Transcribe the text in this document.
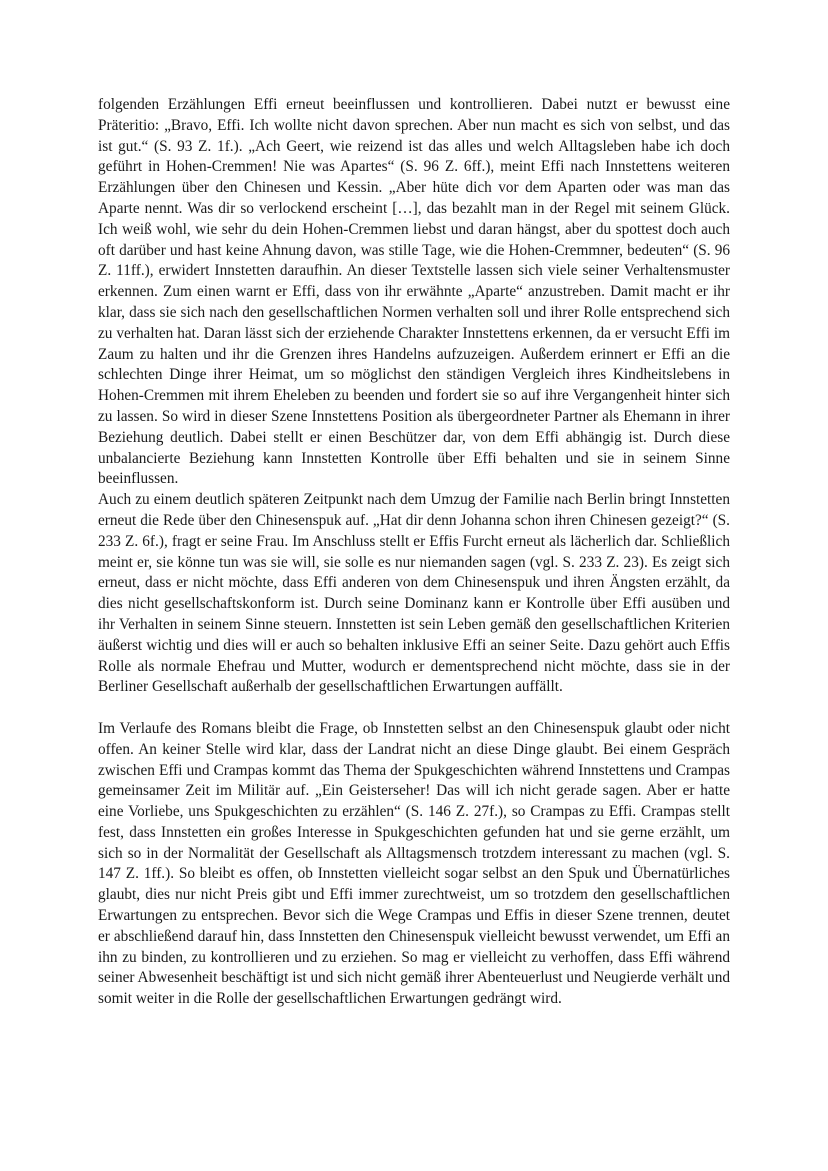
folgenden Erzählungen Effi erneut beeinflussen und kontrollieren. Dabei nutzt er bewusst eine Präteritio: „Bravo, Effi. Ich wollte nicht davon sprechen. Aber nun macht es sich von selbst, und das ist gut.“ (S. 93 Z. 1f.). „Ach Geert, wie reizend ist das alles und welch Alltagsleben habe ich doch geführt in Hohen-Cremmen! Nie was Apartes“ (S. 96 Z. 6ff.), meint Effi nach Innstettens weiteren Erzählungen über den Chinesen und Kessin. „Aber hüte dich vor dem Aparten oder was man das Aparte nennt. Was dir so verlockend erscheint […], das bezahlt man in der Regel mit seinem Glück. Ich weiß wohl, wie sehr du dein Hohen-Cremmen liebst und daran hängst, aber du spottest doch auch oft darüber und hast keine Ahnung davon, was stille Tage, wie die Hohen-Cremmner, bedeuten“ (S. 96 Z. 11ff.), erwidert Innstetten daraufhin. An dieser Textstelle lassen sich viele seiner Verhaltensmuster erkennen. Zum einen warnt er Effi, dass von ihr erwähnte „Aparte“ anzustreben. Damit macht er ihr klar, dass sie sich nach den gesellschaftlichen Normen verhalten soll und ihrer Rolle entsprechend sich zu verhalten hat. Daran lässt sich der erziehende Charakter Innstettens erkennen, da er versucht Effi im Zaum zu halten und ihr die Grenzen ihres Handelns aufzuzeigen. Außerdem erinnert er Effi an die schlechten Dinge ihrer Heimat, um so möglichst den ständigen Vergleich ihres Kindheitslebens in Hohen-Cremmen mit ihrem Eheleben zu beenden und fordert sie so auf ihre Vergangenheit hinter sich zu lassen. So wird in dieser Szene Innstettens Position als übergeordneter Partner als Ehemann in ihrer Beziehung deutlich. Dabei stellt er einen Beschützer dar, von dem Effi abhängig ist. Durch diese unbalancierte Beziehung kann Innstetten Kontrolle über Effi behalten und sie in seinem Sinne beeinflussen.

Auch zu einem deutlich späteren Zeitpunkt nach dem Umzug der Familie nach Berlin bringt Innstetten erneut die Rede über den Chinesenspuk auf. „Hat dir denn Johanna schon ihren Chinesen gezeigt?“ (S. 233 Z. 6f.), fragt er seine Frau. Im Anschluss stellt er Effis Furcht erneut als lächerlich dar. Schließlich meint er, sie könne tun was sie will, sie solle es nur niemanden sagen (vgl. S. 233 Z. 23). Es zeigt sich erneut, dass er nicht möchte, dass Effi anderen von dem Chinesenspuk und ihren Ängsten erzählt, da dies nicht gesellschaftskonform ist. Durch seine Dominanz kann er Kontrolle über Effi ausüben und ihr Verhalten in seinem Sinne steuern. Innstetten ist sein Leben gemäß den gesellschaftlichen Kriterien äußerst wichtig und dies will er auch so behalten inklusive Effi an seiner Seite. Dazu gehört auch Effis Rolle als normale Ehefrau und Mutter, wodurch er dementsprechend nicht möchte, dass sie in der Berliner Gesellschaft außerhalb der gesellschaftlichen Erwartungen auffällt.

Im Verlaufe des Romans bleibt die Frage, ob Innstetten selbst an den Chinesenspuk glaubt oder nicht offen. An keiner Stelle wird klar, dass der Landrat nicht an diese Dinge glaubt. Bei einem Gespräch zwischen Effi und Crampas kommt das Thema der Spukgeschichten während Innstettens und Crampas gemeinsamer Zeit im Militär auf. „Ein Geisterseher! Das will ich nicht gerade sagen. Aber er hatte eine Vorliebe, uns Spukgeschichten zu erzählen“ (S. 146 Z. 27f.), so Crampas zu Effi. Crampas stellt fest, dass Innstetten ein großes Interesse in Spukgeschichten gefunden hat und sie gerne erzählt, um sich so in der Normalität der Gesellschaft als Alltagsmensch trotzdem interessant zu machen (vgl. S. 147 Z. 1ff.). So bleibt es offen, ob Innstetten vielleicht sogar selbst an den Spuk und Übernatürliches glaubt, dies nur nicht Preis gibt und Effi immer zurechtweist, um so trotzdem den gesellschaftlichen Erwartungen zu entsprechen. Bevor sich die Wege Crampas und Effis in dieser Szene trennen, deutet er abschließend darauf hin, dass Innstetten den Chinesenspuk vielleicht bewusst verwendet, um Effi an ihn zu binden, zu kontrollieren und zu erziehen. So mag er vielleicht zu verhoffen, dass Effi während seiner Abwesenheit beschäftigt ist und sich nicht gemäß ihrer Abenteuerlust und Neugierde verhält und somit weiter in die Rolle der gesellschaftlichen Erwartungen gedrängt wird.
